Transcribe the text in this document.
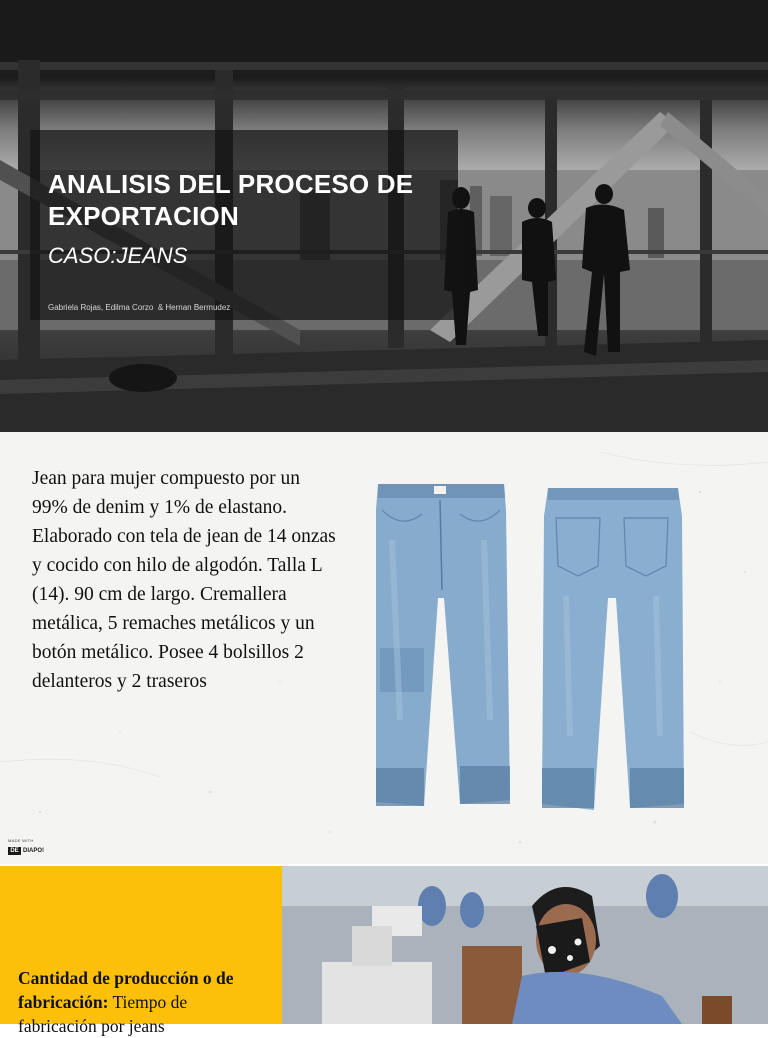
ANALISIS DEL PROCESO DE EXPORTACION
CASO:JEANS
Gabriela Rojas, Edilma Corzo  & Hernan Bermudez

Jean para mujer compuesto por un 99% de denim y 1% de elastano. Elaborado con tela de jean de 14 onzas y cocido con hilo de algodón. Talla L (14). 90 cm de largo. Cremallera metálica, 5 remaches metálicos y un botón metálico. Posee 4 bolsillos 2 delanteros y 2 traseros

MADE WITH
DE DIAPO!

Cantidad de producción o de fabricación: Tiempo de fabricación por jeans
